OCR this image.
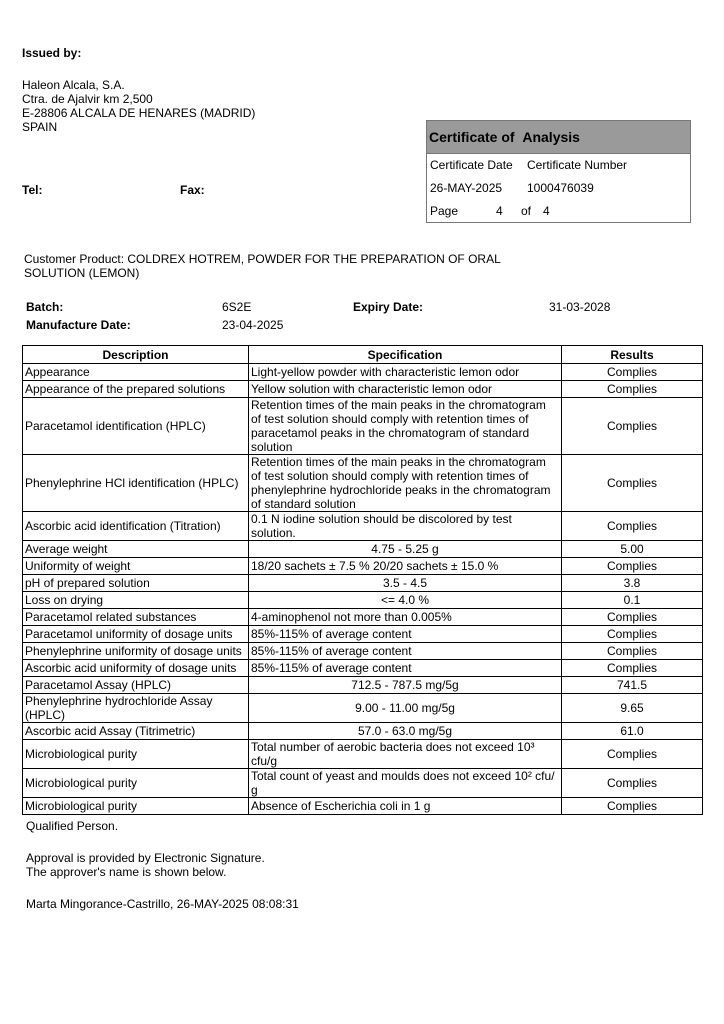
Issued by:
Haleon Alcala, S.A.
Ctra. de Ajalvir km 2,500
E-28806 ALCALA DE HENARES (MADRID)
SPAIN
Tel:	Fax:
Certificate of Analysis
Certificate Date Certificate Number
26-MAY-2025 1000476039
Page	4 of 4
Customer Product: COLDREX HOTREM, POWDER FOR THE PREPARATION OF ORAL
SOLUTION (LEMON)
Batch:	6S2E	Expiry Date:	31-03-2028
Manufacture Date:	23-04-2025
Description	Specification	Results
Appearance	Light-yellow powder with characteristic lemon odor	Complies
Appearance of the prepared solutions	Yellow solution with characteristic lemon odor	Complies
Paracetamol identification (HPLC)	Retention times of the main peaks in the chromatogram of test solution should comply with retention times of paracetamol peaks in the chromatogram of standard solution	Complies
Phenylephrine HCl identification (HPLC)	Retention times of the main peaks in the chromatogram of test solution should comply with retention times of phenylephrine hydrochloride peaks in the chromatogram of standard solution	Complies
Ascorbic acid identification (Titration)	0.1 N iodine solution should be discolored by test solution.	Complies
Average weight	4.75 - 5.25 g	5.00
Uniformity of weight	18/20 sachets ± 7.5 % 20/20 sachets ± 15.0 %	Complies
pH of prepared solution	3.5 - 4.5	3.8
Loss on drying	<= 4.0 %	0.1
Paracetamol related substances	4-aminophenol not more than 0.005%	Complies
Paracetamol uniformity of dosage units	85%-115% of average content	Complies
Phenylephrine uniformity of dosage units	85%-115% of average content	Complies
Ascorbic acid uniformity of dosage units	85%-115% of average content	Complies
Paracetamol Assay (HPLC)	712.5 - 787.5 mg/5g	741.5
Phenylephrine hydrochloride Assay (HPLC)	9.00 - 11.00 mg/5g	9.65
Ascorbic acid Assay (Titrimetric)	57.0 - 63.0 mg/5g	61.0
Microbiological purity	Total number of aerobic bacteria does not exceed 10³ cfu/g	Complies
Microbiological purity	Total count of yeast and moulds does not exceed 10² cfu/ g	Complies
Microbiological purity	Absence of Escherichia coli in 1 g	Complies
Qualified Person.
Approval is provided by Electronic Signature.
The approver's name is shown below.
Marta Mingorance-Castrillo, 26-MAY-2025 08:08:31
